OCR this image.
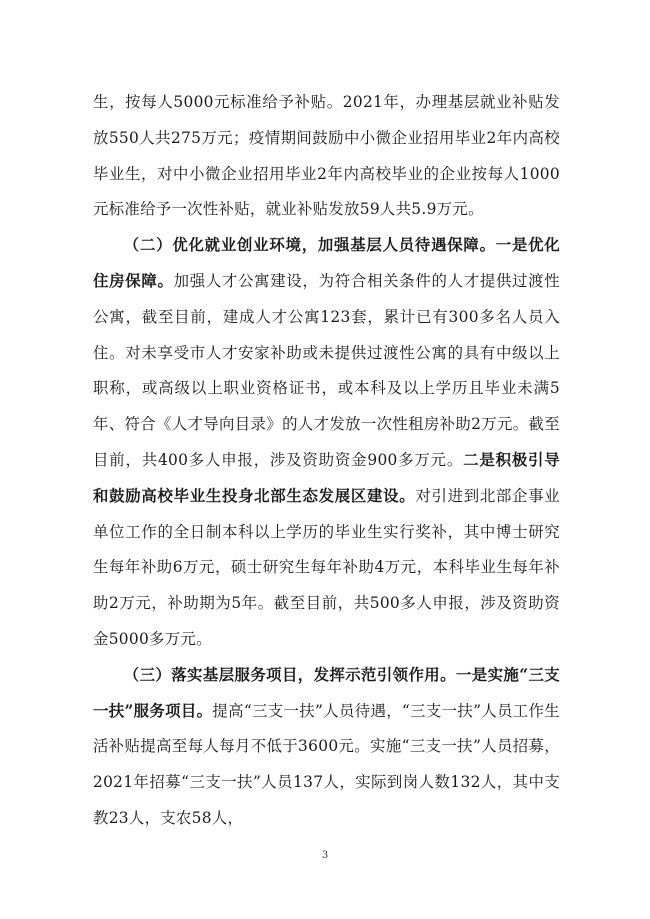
生，按每人5000元标准给予补贴。2021年，办理基层就业补贴发放550人共275万元；疫情期间鼓励中小微企业招用毕业2年内高校毕业生，对中小微企业招用毕业2年内高校毕业的企业按每人1000元标准给予一次性补贴，就业补贴发放59人共5.9万元。

（二）优化就业创业环境，加强基层人员待遇保障。一是优化住房保障。加强人才公寓建设，为符合相关条件的人才提供过渡性公寓，截至目前，建成人才公寓123套，累计已有300多名人员入住。对未享受市人才安家补助或未提供过渡性公寓的具有中级以上职称，或高级以上职业资格证书，或本科及以上学历且毕业未满5年、符合《人才导向目录》的人才发放一次性租房补助2万元。截至目前，共400多人申报，涉及资助资金900多万元。二是积极引导和鼓励高校毕业生投身北部生态发展区建设。对引进到北部企事业单位工作的全日制本科以上学历的毕业生实行奖补，其中博士研究生每年补助6万元，硕士研究生每年补助4万元，本科毕业生每年补助2万元，补助期为5年。截至目前，共500多人申报，涉及资助资金5000多万元。

（三）落实基层服务项目，发挥示范引领作用。一是实施“三支一扶”服务项目。提高“三支一扶”人员待遇，“三支一扶”人员工作生活补贴提高至每人每月不低于3600元。实施“三支一扶”人员招募，2021年招募“三支一扶”人员137人，实际到岗人数132人，其中支教23人，支农58人，

3
